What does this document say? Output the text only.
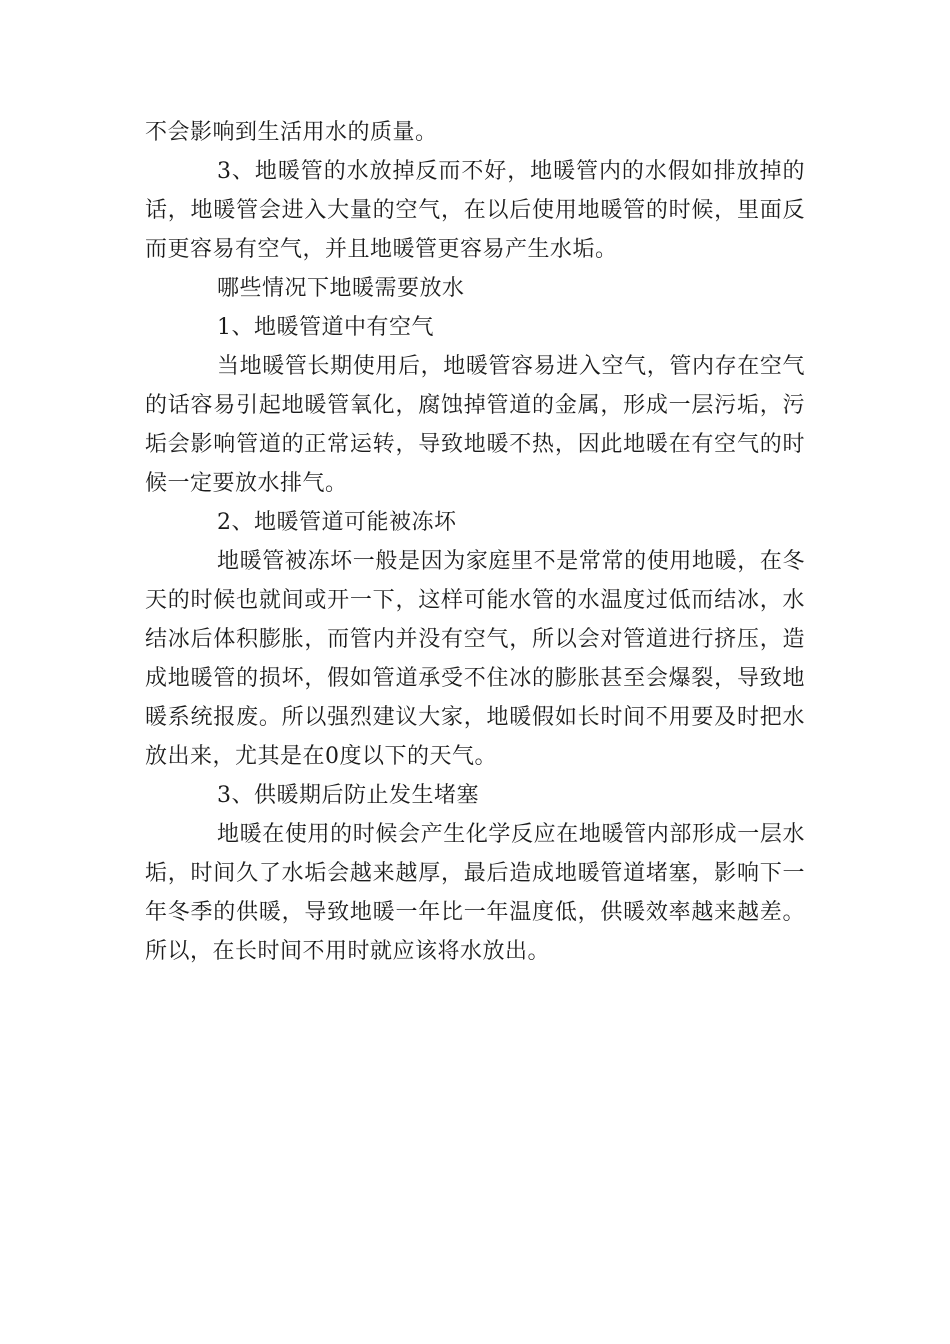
不会影响到生活用水的质量。

3、地暖管的水放掉反而不好，地暖管内的水假如排放掉的话，地暖管会进入大量的空气，在以后使用地暖管的时候，里面反而更容易有空气，并且地暖管更容易产生水垢。

哪些情况下地暖需要放水

1、地暖管道中有空气

当地暖管长期使用后，地暖管容易进入空气，管内存在空气的话容易引起地暖管氧化，腐蚀掉管道的金属，形成一层污垢，污垢会影响管道的正常运转，导致地暖不热，因此地暖在有空气的时候一定要放水排气。

2、地暖管道可能被冻坏

地暖管被冻坏一般是因为家庭里不是常常的使用地暖，在冬天的时候也就间或开一下，这样可能水管的水温度过低而结冰，水结冰后体积膨胀，而管内并没有空气，所以会对管道进行挤压，造成地暖管的损坏，假如管道承受不住冰的膨胀甚至会爆裂，导致地暖系统报废。所以强烈建议大家，地暖假如长时间不用要及时把水放出来，尤其是在0度以下的天气。

3、供暖期后防止发生堵塞

地暖在使用的时候会产生化学反应在地暖管内部形成一层水垢，时间久了水垢会越来越厚，最后造成地暖管道堵塞，影响下一年冬季的供暖，导致地暖一年比一年温度低，供暖效率越来越差。所以，在长时间不用时就应该将水放出。
